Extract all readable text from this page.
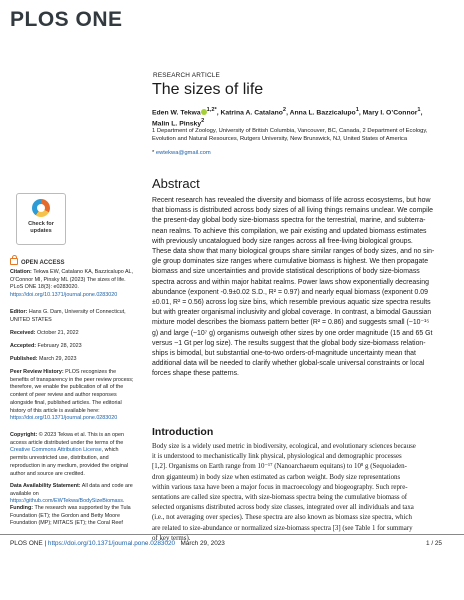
PLOS ONE
RESEARCH ARTICLE
The sizes of life
Eden W. Tekwa $^{1,2*}$, Katrina A. Catalano$^2$, Anna L. Bazzicalupo$^1$, Mary I. O’Connor$^1$,
Malin L. Pinsky$^2$
1 Department of Zoology, University of British Columbia, Vancouver, BC, Canada, 2 Department of Ecology, Evolution and Natural Resources, Rutgers University, New Brunswick, NJ, United States of America
* ewtekwa@gmail.com
Abstract
Recent research has revealed the diversity and biomass of life across ecosystems, but how
that biomass is distributed across body sizes of all living things remains unclear. We compile
the present-day global body size-biomass spectra for the terrestrial, marine, and subterra-
nean realms. To achieve this compilation, we pair existing and updated biomass estimates
with previously uncatalogued body size ranges across all free-living biological groups.
These data show that many biological groups share similar ranges of body sizes, and no sin-
gle group dominates size ranges where cumulative biomass is highest. We then propagate
biomass and size uncertainties and provide statistical descriptions of body size-biomass
spectra across and within major habitat realms. Power laws show exponentially decreasing
abundance (exponent -0.9±0.02 S.D., R² = 0.97) and nearly equal biomass (exponent 0.09
±0.01, R² = 0.56) across log size bins, which resemble previous aquatic size spectra results
but with greater organismal inclusivity and global coverage. In contrast, a bimodal Gaussian
mixture model describes the biomass pattern better (R² = 0.86) and suggests small (~10⁻¹⁵
g) and large (~10⁷ g) organisms outweigh other sizes by one order magnitude (15 and 65 Gt
versus ~1 Gt per log size). The results suggest that the global body size-biomass relation-
ships is bimodal, but substantial one-to-two orders-of-magnitude uncertainty mean that
additional data will be needed to clarify whether global-scale universal constraints or local
forces shape these patterns.
Introduction
Body size is a widely used metric in biodiversity, ecological, and evolutionary sciences because
it is understood to mechanistically link physical, physiological and demographic processes
[1,2]. Organisms on Earth range from 10⁻¹⁷ (Nanoarchaeum equitans) to 10⁸ g (Sequoiaden-
dron giganteum) in body size when estimated as carbon weight. Body size representations
within various taxa have been a major focus in macroecology and biogeography. Such repre-
sentations are called size spectra, with size-biomass spectra being the cumulative biomass of
selected organisms distributed across body size classes, integrated over all individuals and taxa
(i.e., not averaging over species). These spectra are also known as biomass size spectra, which
are related to size-abundance or normalized size-biomass spectra [3] (see Table 1 for summary
of key terms).
Check for
updates
OPEN ACCESS
Citation: Tekwa EW, Catalano KA, Bazzicalupo AL, O’Connor MI, Pinsky ML (2023) The sizes of life. PLoS ONE 18(3): e0283020. https://doi.org/10.1371/journal.pone.0283020
Editor: Hans G. Dam, University of Connecticut, UNITED STATES
Received: October 21, 2022
Accepted: February 28, 2023
Published: March 29, 2023
Peer Review History: PLOS recognizes the benefits of transparency in the peer review process; therefore, we enable the publication of all of the content of peer review and author responses alongside final, published articles. The editorial history of this article is available here: https://doi.org/10.1371/journal.pone.0283020
Copyright: © 2023 Tekwa et al. This is an open access article distributed under the terms of the Creative Commons Attribution License, which permits unrestricted use, distribution, and reproduction in any medium, provided the original author and source are credited.
Data Availability Statement: All data and code are available on https://github.com/EWTekwa/BodySizeBiomass.
Funding: The research was supported by the Tula Foundation (ET); the Gordon and Betty Moore Foundation (MP); MITACS (ET); the Coral Reef
PLOS ONE | https://doi.org/10.1371/journal.pone.0283020   March 29, 2023	1 / 25
